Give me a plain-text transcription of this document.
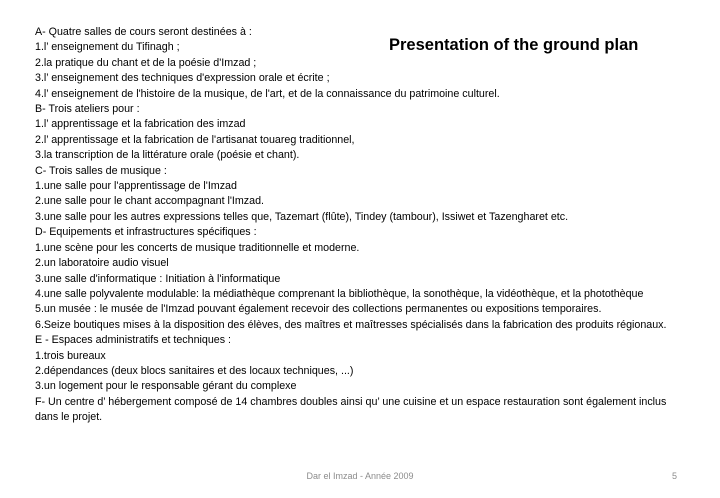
Presentation of the ground plan
A- Quatre salles de cours seront destinées à :
1.l’ enseignement du Tifinagh ;
2.la pratique du chant et de la poésie d'Imzad ;
3.l’ enseignement des techniques d'expression orale et écrite ;
4.l’ enseignement de l'histoire de la musique, de l'art, et de la connaissance du patrimoine culturel.
B- Trois ateliers pour :
1.l’ apprentissage et la fabrication des imzad
2.l’ apprentissage et la fabrication de l'artisanat touareg traditionnel,
3.la transcription de la littérature orale (poésie et chant).
C- Trois salles de musique :
1.une salle pour l'apprentissage de l'Imzad
2.une salle pour le chant accompagnant l'Imzad.
3.une salle pour les autres expressions telles que, Tazemart (flûte), Tindey (tambour), Issiwet et Tazengharet etc.
D- Equipements et infrastructures spécifiques :
1.une scène pour les concerts de musique traditionnelle et moderne.
2.un laboratoire audio visuel
3.une salle d'informatique : Initiation à l'informatique
4.une salle polyvalente modulable: la médiathèque comprenant la bibliothèque, la sonothèque, la vidéothèque, et la photothèque
5.un musée : le musée de l'Imzad pouvant également recevoir des collections permanentes ou expositions temporaires.
6.Seize boutiques mises à la disposition des élèves, des maîtres et maîtresses spécialisés dans la fabrication des produits régionaux.
E - Espaces administratifs et techniques :
1.trois bureaux
2.dépendances (deux blocs sanitaires et des locaux techniques, ...)
3.un logement pour le responsable gérant du complexe
F- Un centre d’ hébergement composé de 14 chambres doubles ainsi qu’ une cuisine et un espace restauration sont également inclus dans le projet.
Dar el Imzad - Année 2009	5
